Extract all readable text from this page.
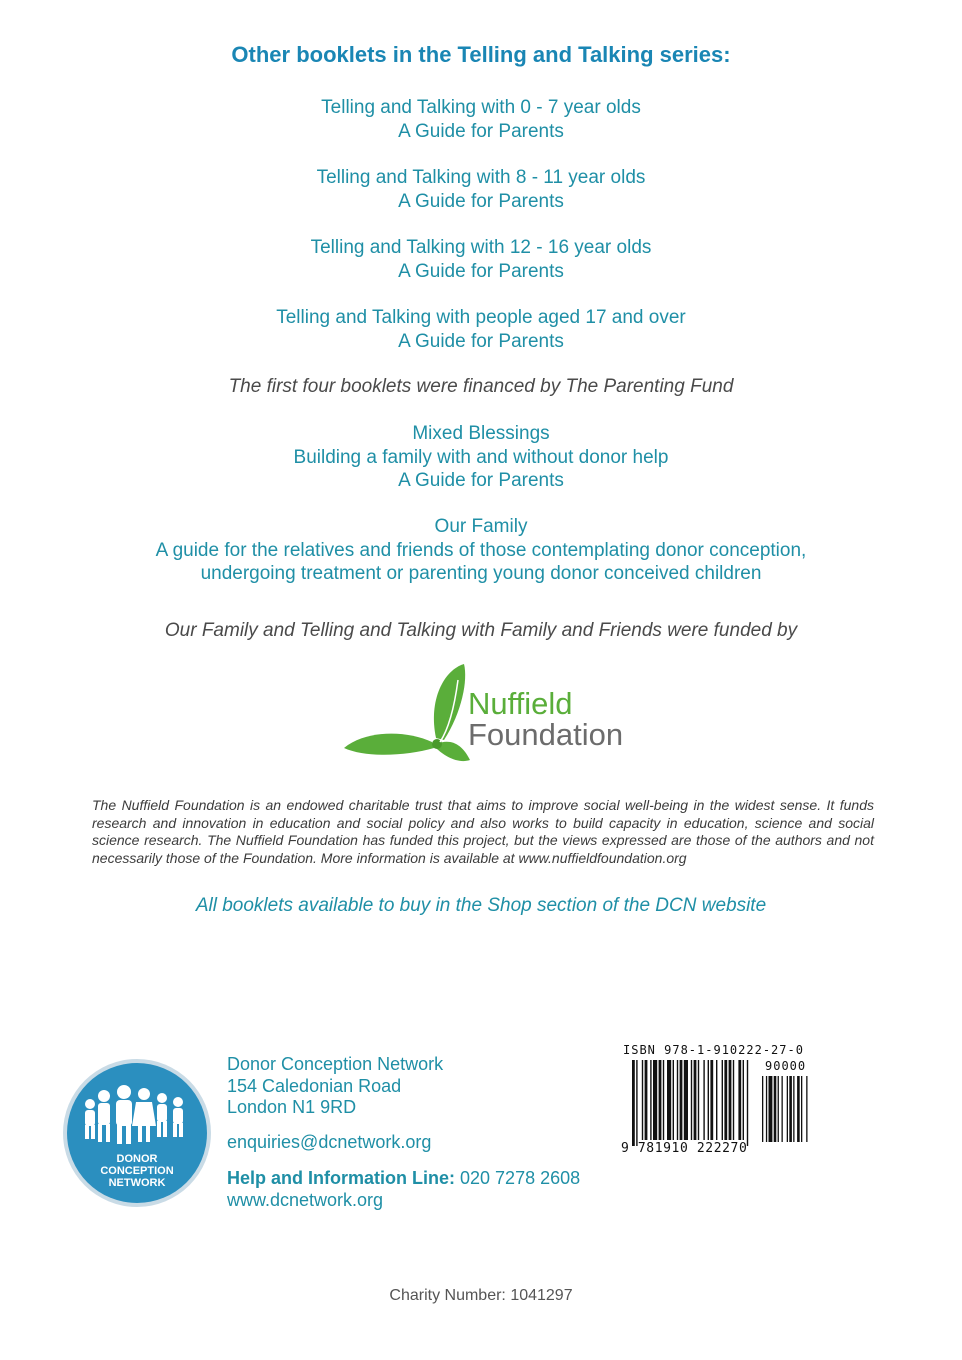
Other booklets in the Telling and Talking series:
Telling and Talking with 0 - 7 year olds
A Guide for Parents
Telling and Talking with 8 - 11 year olds
A Guide for Parents
Telling and Talking with 12 - 16 year olds
A Guide for Parents
Telling and Talking with people aged 17 and over
A Guide for Parents
The first four booklets were financed by The Parenting Fund
Mixed Blessings
Building a family with and without donor help
A Guide for Parents
Our Family
A guide for the relatives and friends of those contemplating donor conception,
undergoing treatment or parenting young donor conceived children
Our Family and Telling and Talking with Family and Friends were funded by
Nuffield
Foundation
The Nuffield Foundation is an endowed charitable trust that aims to improve social well-being in the widest sense. It funds research and innovation in education and social policy and also works to build capacity in education, science and social science research. The Nuffield Foundation has funded this project, but the views expressed are those of the authors and not necessarily those of the Foundation. More information is available at www.nuffieldfoundation.org
All booklets available to buy in the Shop section of the DCN website
DONOR
CONCEPTION
NETWORK
Donor Conception Network
154 Caledonian Road
London N1 9RD
enquiries@dcnetwork.org
Help and Information Line: 020 7278 2608
www.dcnetwork.org
ISBN 978-1-910222-27-0
90000
9 781910 222270
Charity Number: 1041297
